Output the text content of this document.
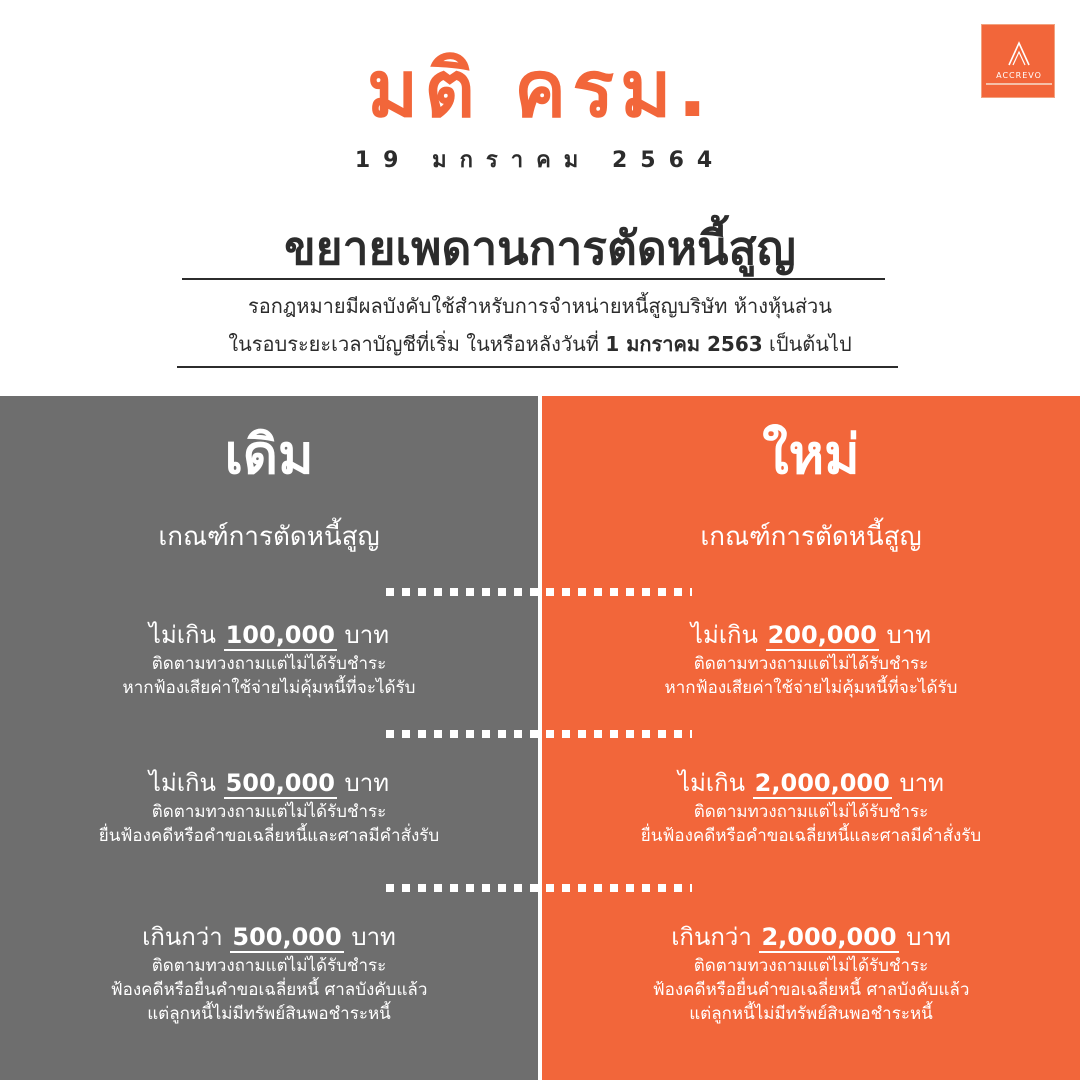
มติ ครม.
19 มกราคม 2564
ACCREVO
ขยายเพดานการตัดหนี้สูญ
รอกฎหมายมีผลบังคับใช้สำหรับการจำหน่ายหนี้สูญบริษัท ห้างหุ้นส่วน
ในรอบระยะเวลาบัญชีที่เริ่ม ในหรือหลังวันที่ 1 มกราคม 2563 เป็นต้นไป
เดิม	ใหม่
เกณฑ์การตัดหนี้สูญ	เกณฑ์การตัดหนี้สูญ
ไม่เกิน 100,000 บาท
ติดตามทวงถามแต่ไม่ได้รับชำระ
หากฟ้องเสียค่าใช้จ่ายไม่คุ้มหนี้ที่จะได้รับ
ไม่เกิน 500,000 บาท
ติดตามทวงถามแต่ไม่ได้รับชำระ
ยื่นฟ้องคดีหรือคำขอเฉลี่ยหนี้และศาลมีคำสั่งรับ
เกินกว่า 500,000 บาท
ติดตามทวงถามแต่ไม่ได้รับชำระ
ฟ้องคดีหรือยื่นคำขอเฉลี่ยหนี้ ศาลบังคับแล้ว
แต่ลูกหนี้ไม่มีทรัพย์สินพอชำระหนี้
ไม่เกิน 200,000 บาท
ติดตามทวงถามแต่ไม่ได้รับชำระ
หากฟ้องเสียค่าใช้จ่ายไม่คุ้มหนี้ที่จะได้รับ
ไม่เกิน 2,000,000 บาท
ติดตามทวงถามแต่ไม่ได้รับชำระ
ยื่นฟ้องคดีหรือคำขอเฉลี่ยหนี้และศาลมีคำสั่งรับ
เกินกว่า 2,000,000 บาท
ติดตามทวงถามแต่ไม่ได้รับชำระ
ฟ้องคดีหรือยื่นคำขอเฉลี่ยหนี้ ศาลบังคับแล้ว
แต่ลูกหนี้ไม่มีทรัพย์สินพอชำระหนี้
